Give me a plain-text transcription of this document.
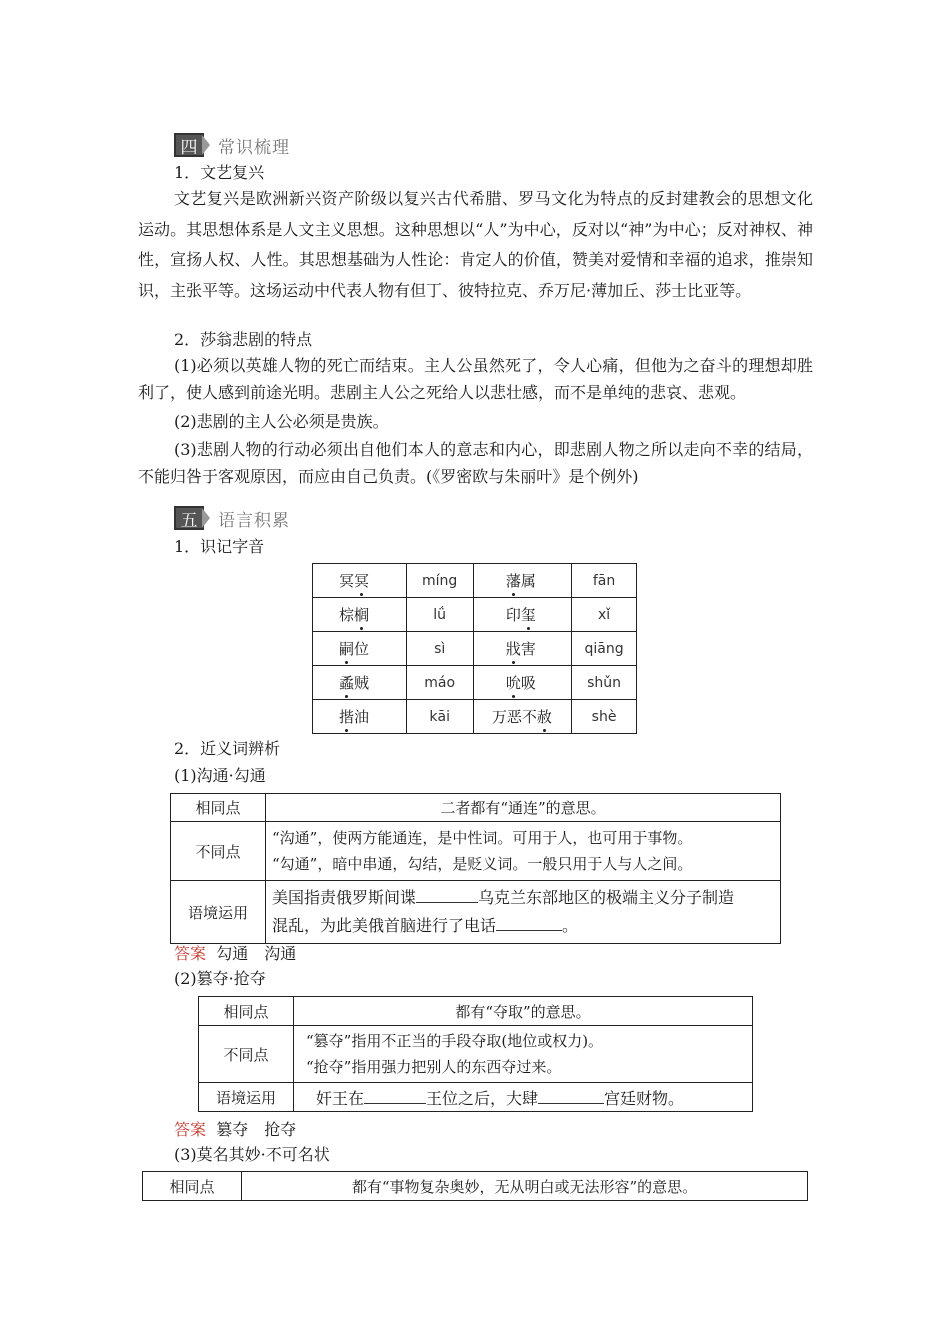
四	常识梳理
1．文艺复兴
文艺复兴是欧洲新兴资产阶级以复兴古代希腊、罗马文化为特点的反封建教会的思想文化运动。其思想体系是人文主义思想。这种思想以“人”为中心，反对以“神”为中心；反对神权、神性，宣扬人权、人性。其思想基础为人性论：肯定人的价值，赞美对爱情和幸福的追求，推崇知识，主张平等。这场运动中代表人物有但丁、彼特拉克、乔万尼·薄加丘、莎士比亚等。
2．莎翁悲剧的特点
(1)必须以英雄人物的死亡而结束。主人公虽然死了，令人心痛，但他为之奋斗的理想却胜利了，使人感到前途光明。悲剧主人公之死给人以悲壮感，而不是单纯的悲哀、悲观。
(2)悲剧的主人公必须是贵族。
(3)悲剧人物的行动必须出自他们本人的意志和内心，即悲剧人物之所以走向不幸的结局，不能归咎于客观原因，而应由自己负责。(《罗密欧与朱丽叶》是个例外)
五	语言积累
1．识记字音
冥冥	míng	藩属	fān
棕榈	lǘ	印玺	xǐ
嗣位	sì	戕害	qiāng
蟊贼	máo	吮吸	shǔn
揩油	kāi	万恶不赦	shè
2．近义词辨析
(1)沟通·勾通
相同点	二者都有“通连”的意思。
不同点	“沟通”，使两方能通连，是中性词。可用于人，也可用于事物。
“勾通”，暗中串通，勾结，是贬义词。一般只用于人与人之间。

语境运用	美国指责俄罗斯间谍 乌克兰东部地区的极端主义分子制造
混乱，为此美俄首脑进行了电话 。
答案 勾通　沟通
(2)篡夺·抢夺
相同点	都有“夺取”的意思。
不同点	“篡夺”指用不正当的手段夺取(地位或权力)。
“抢夺”指用强力把别人的东西夺过来。

语境运用	奸王在 王位之后，大肆 宫廷财物。
答案 篡夺　抢夺
(3)莫名其妙·不可名状
相同点	都有“事物复杂奥妙，无从明白或无法形容”的意思。
